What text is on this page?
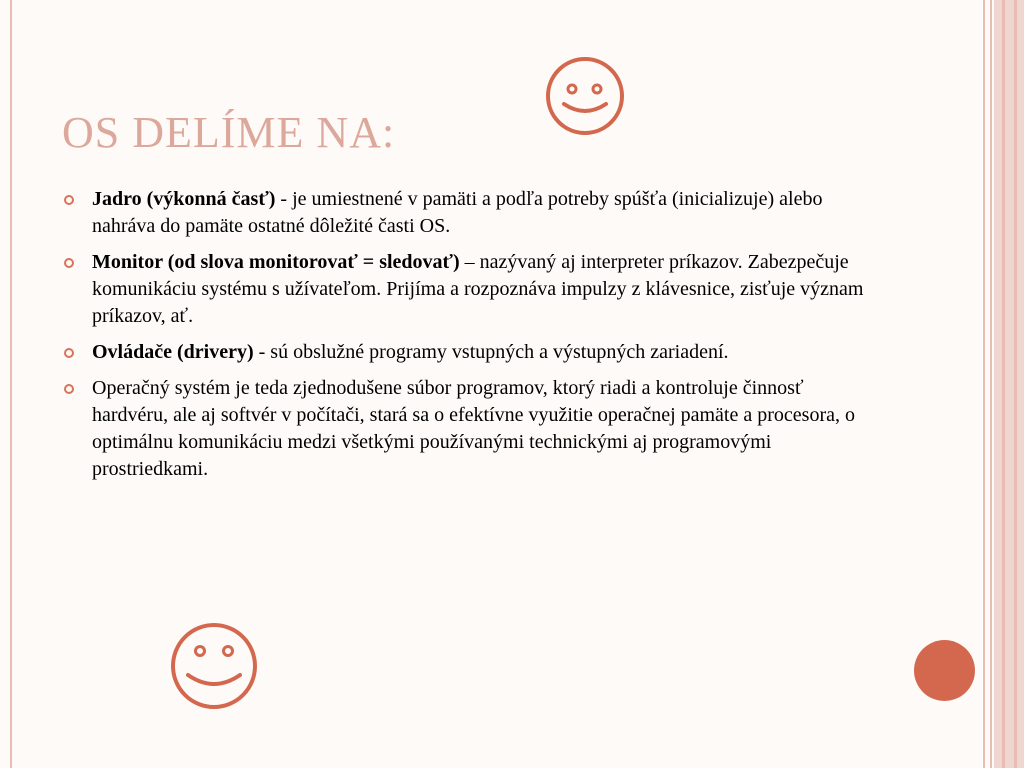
OS DELÍME NA:
Jadro (výkonná časť) - je umiestnené v pamäti a podľa potreby spúšťa (inicializuje) alebo nahráva do pamäte ostatné dôležité časti OS.
Monitor (od slova monitorovať = sledovať) – nazývaný aj interpreter príkazov. Zabezpečuje komunikáciu systému s užívateľom. Prijíma a rozpoznáva impulzy z klávesnice, zisťuje význam príkazov, ať.
Ovládače (drivery) - sú obslužné programy vstupných a výstupných zariadení.
Operačný systém je teda zjednodušene súbor programov, ktorý riadi a kontroluje činnosť hardvéru, ale aj softvér v počítači, stará sa o efektívne využitie operačnej pamäte a procesora, o optimálnu komunikáciu medzi všetkými používanými technickými aj programovými prostriedkami.
